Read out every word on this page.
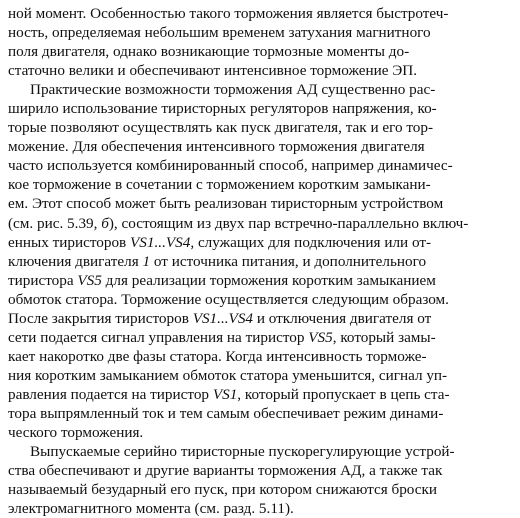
ной момент. Особенностью такого торможения является быстротеч-
ность, определяемая небольшим временем затухания магнитного
поля двигателя, однако возникающие тормозные моменты до-
статочно велики и обеспечивают интенсивное торможение ЭП.
Практические возможности торможения АД существенно рас-
ширило использование тиристорных регуляторов напряжения, ко-
торые позволяют осуществлять как пуск двигателя, так и его тор-
можение. Для обеспечения интенсивного торможения двигателя
часто используется комбинированный способ, например динамичес-
кое торможение в сочетании с торможением коротким замыкани-
ем. Этот способ может быть реализован тиристорным устройством
(см. рис. 5.39, б), состоящим из двух пар встречно-параллельно включ-
енных тиристоров VS1...VS4, служащих для подключения или от-
ключения двигателя 1 от источника питания, и дополнительного
тиристора VS5 для реализации торможения коротким замыканием
обмоток статора. Торможение осуществляется следующим образом.
После закрытия тиристоров VS1...VS4 и отключения двигателя от
сети подается сигнал управления на тиристор VS5, который замы-
кает накоротко две фазы статора. Когда интенсивность торможе-
ния коротким замыканием обмоток статора уменьшится, сигнал уп-
равления подается на тиристор VS1, который пропускает в цепь ста-
тора выпрямленный ток и тем самым обеспечивает режим динами-
ческого торможения.
Выпускаемые серийно тиристорные пускорегулирующие устрой-
ства обеспечивают и другие варианты торможения АД, а также так
называемый безударный его пуск, при котором снижаются броски
электромагнитного момента (см. разд. 5.11).
